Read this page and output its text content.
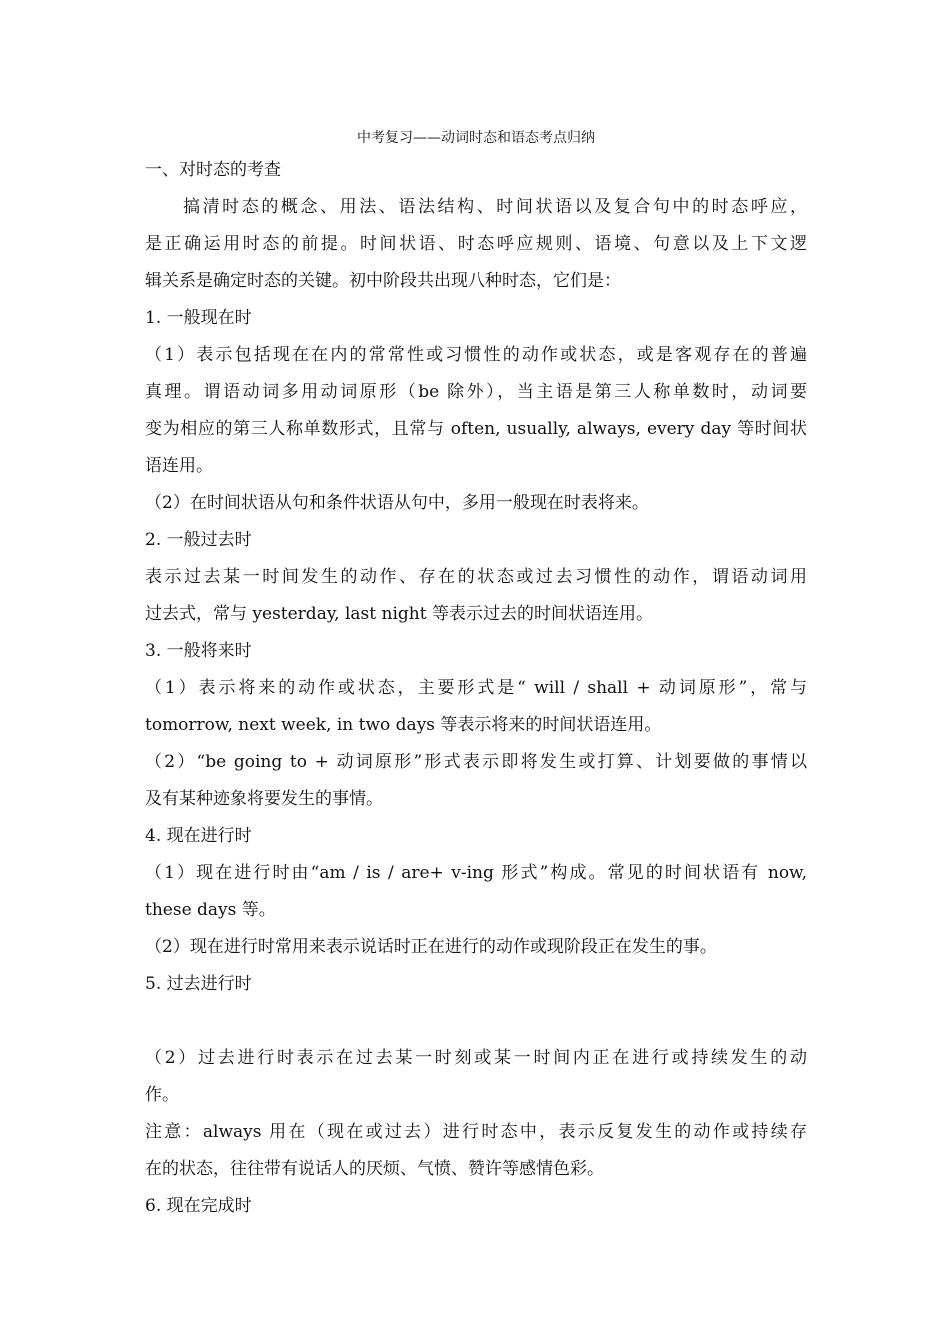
中考复习——动词时态和语态考点归纳

一、对时态的考查

搞清时态的概念、用法、语法结构、时间状语以及复合句中的时态呼应，

是正确运用时态的前提。时间状语、时态呼应规则、语境、句意以及上下文逻

辑关系是确定时态的关键。初中阶段共出现八种时态，它们是：

1. 一般现在时

（1）表示包括现在在内的常常性或习惯性的动作或状态，或是客观存在的普遍

真理。谓语动词多用动词原形（be 除外），当主语是第三人称单数时，动词要

变为相应的第三人称单数形式，且常与 often, usually, always, every day 等时间状

语连用。

（2）在时间状语从句和条件状语从句中，多用一般现在时表将来。

2. 一般过去时

表示过去某一时间发生的动作、存在的状态或过去习惯性的动作，谓语动词用

过去式，常与 yesterday, last night 等表示过去的时间状语连用。

3. 一般将来时

（1）表示将来的动作或状态，主要形式是“ will / shall + 动词原形”，常与

tomorrow, next week, in two days 等表示将来的时间状语连用。

（2）“be going to + 动词原形”形式表示即将发生或打算、计划要做的事情以

及有某种迹象将要发生的事情。

4. 现在进行时

（1）现在进行时由“am / is / are+ v-ing 形式”构成。常见的时间状语有 now,

these days 等。

（2）现在进行时常用来表示说话时正在进行的动作或现阶段正在发生的事。

5. 过去进行时

（2）过去进行时表示在过去某一时刻或某一时间内正在进行或持续发生的动

作。

注意：always 用在（现在或过去）进行时态中，表示反复发生的动作或持续存

在的状态，往往带有说话人的厌烦、气愤、赞许等感情色彩。

6. 现在完成时
